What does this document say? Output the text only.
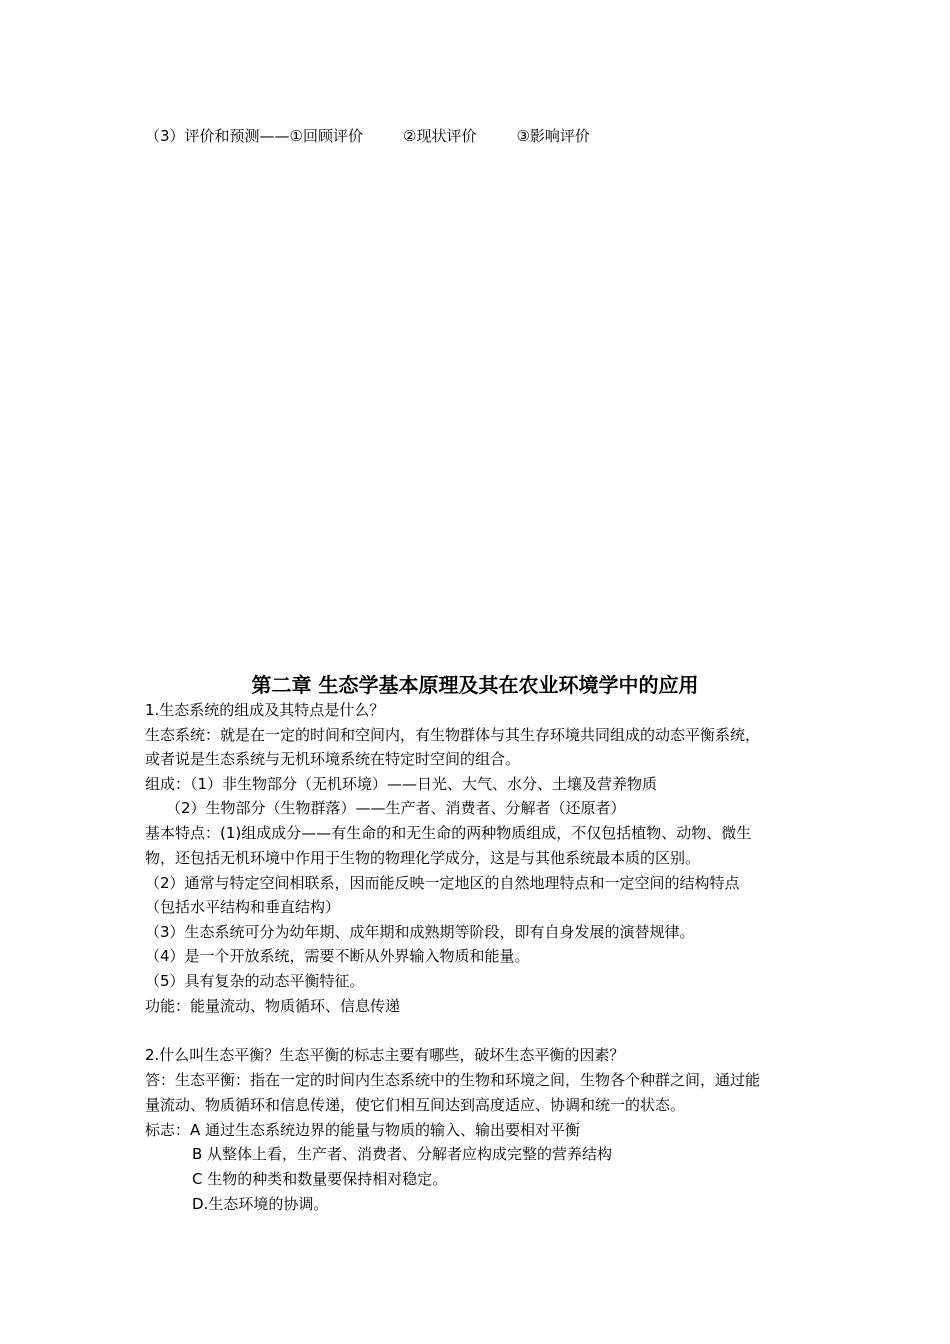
（3）评价和预测——①回顾评价	②现状评价	③影响评价
第二章 生态学基本原理及其在农业环境学中的应用
1.生态系统的组成及其特点是什么？
生态系统：就是在一定的时间和空间内，有生物群体与其生存环境共同组成的动态平衡系统，
或者说是生态系统与无机环境系统在特定时空间的组合。
组成：（1）非生物部分（无机环境）——日光、大气、水分、土壤及营养物质
（2）生物部分（生物群落）——生产者、消费者、分解者（还原者）
基本特点：(1)组成成分——有生命的和无生命的两种物质组成，不仅包括植物、动物、微生
物，还包括无机环境中作用于生物的物理化学成分，这是与其他系统最本质的区别。
（2）通常与特定空间相联系，因而能反映一定地区的自然地理特点和一定空间的结构特点
（包括水平结构和垂直结构）
（3）生态系统可分为幼年期、成年期和成熟期等阶段，即有自身发展的演替规律。
（4）是一个开放系统，需要不断从外界输入物质和能量。
（5）具有复杂的动态平衡特征。
功能：能量流动、物质循环、信息传递
2.什么叫生态平衡？生态平衡的标志主要有哪些，破坏生态平衡的因素？
答：生态平衡：指在一定的时间内生态系统中的生物和环境之间，生物各个种群之间，通过能
量流动、物质循环和信息传递，使它们相互间达到高度适应、协调和统一的状态。
标志：A 通过生态系统边界的能量与物质的输入、输出要相对平衡
B 从整体上看，生产者、消费者、分解者应构成完整的营养结构
C 生物的种类和数量要保持相对稳定。
D.生态环境的协调。
